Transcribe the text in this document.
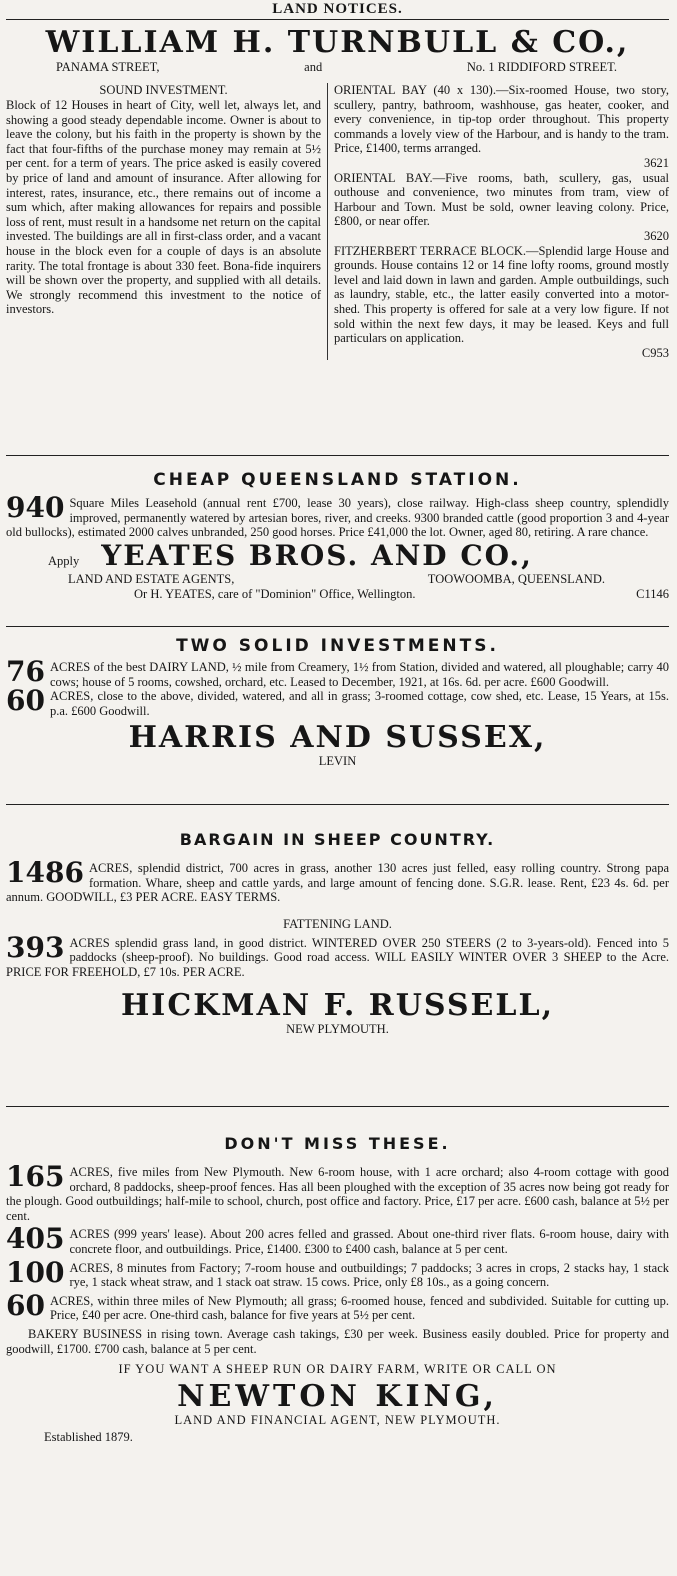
LAND NOTICES.
WILLIAM H. TURNBULL & CO.,
PANAMA STREET,	and	No. 1 RIDDIFORD STREET.
SOUND INVESTMENT.
Block of 12 Houses in heart of City, well let, always let, and showing a good steady dependable income. Owner is about to leave the colony, but his faith in the property is shown by the fact that four-fifths of the purchase money may remain at 5½ per cent. for a term of years. The price asked is easily covered by price of land and amount of insurance. After allowing for interest, rates, insurance, etc., there remains out of income a sum which, after making allowances for repairs and possible loss of rent, must result in a handsome net return on the capital invested. The buildings are all in first-class order, and a vacant house in the block even for a couple of days is an absolute rarity. The total frontage is about 330 feet. Bona-fide inquirers will be shown over the property, and supplied with all details. We strongly recommend this investment to the notice of investors.
ORIENTAL BAY (40 x 130).—Six-roomed House, two story, scullery, pantry, bathroom, washhouse, gas heater, cooker, and every convenience, in tip-top order throughout. This property commands a lovely view of the Harbour, and is handy to the tram. Price, £1400, terms arranged.
3621
ORIENTAL BAY.—Five rooms, bath, scullery, gas, usual outhouse and convenience, two minutes from tram, view of Harbour and Town. Must be sold, owner leaving colony. Price, £800, or near offer.
3620
FITZHERBERT TERRACE BLOCK.—Splendid large House and grounds. House contains 12 or 14 fine lofty rooms, ground mostly level and laid down in lawn and garden. Ample outbuildings, such as laundry, stable, etc., the latter easily converted into a motor-shed. This property is offered for sale at a very low figure. If not sold within the next few days, it may be leased. Keys and full particulars on application.
C953
CHEAP QUEENSLAND STATION.
940 Square Miles Leasehold (annual rent £700, lease 30 years), close railway. High-class sheep country, splendidly improved, permanently watered by artesian bores, river, and creeks. 9300 branded cattle (good proportion 3 and 4-year old bullocks), estimated 2000 calves unbranded, 250 good horses. Price £41,000 the lot. Owner, aged 80, retiring. A rare chance.
Apply YEATES BROS. AND CO.,
LAND AND ESTATE AGENTS,	TOOWOOMBA, QUEENSLAND.
Or H. YEATES, care of "Dominion" Office, Wellington.	C1146
TWO SOLID INVESTMENTS.
76 ACRES of the best DAIRY LAND, ½ mile from Creamery, 1½ from Station, divided and watered, all ploughable; carry 40 cows; house of 5 rooms, cowshed, orchard, etc. Leased to December, 1921, at 16s. 6d. per acre. £600 Goodwill.
60 ACRES, close to the above, divided, watered, and all in grass; 3-roomed cottage, cow shed, etc. Lease, 15 Years, at 15s. p.a. £600 Goodwill.
HARRIS AND SUSSEX,
LEVIN
BARGAIN IN SHEEP COUNTRY.
1486 ACRES, splendid district, 700 acres in grass, another 130 acres just felled, easy rolling country. Strong papa formation. Whare, sheep and cattle yards, and large amount of fencing done. S.G.R. lease. Rent, £23 4s. 6d. per annum. GOODWILL, £3 PER ACRE. EASY TERMS.
FATTENING LAND.
393 ACRES splendid grass land, in good district. WINTERED OVER 250 STEERS (2 to 3-years-old). Fenced into 5 paddocks (sheep-proof). No buildings. Good road access. WILL EASILY WINTER OVER 3 SHEEP to the Acre. PRICE FOR FREEHOLD, £7 10s. PER ACRE.
HICKMAN F. RUSSELL,
NEW PLYMOUTH.
DON'T MISS THESE.
165 ACRES, five miles from New Plymouth. New 6-room house, with 1 acre orchard; also 4-room cottage with good orchard, 8 paddocks, sheep-proof fences. Has all been ploughed with the exception of 35 acres now being got ready for the plough. Good outbuildings; half-mile to school, church, post office and factory. Price, £17 per acre. £600 cash, balance at 5½ per cent.
405 ACRES (999 years' lease). About 200 acres felled and grassed. About one-third river flats. 6-room house, dairy with concrete floor, and outbuildings. Price, £1400. £300 to £400 cash, balance at 5 per cent.
100 ACRES, 8 minutes from Factory; 7-room house and outbuildings; 7 paddocks; 3 acres in crops, 2 stacks hay, 1 stack rye, 1 stack wheat straw, and 1 stack oat straw. 15 cows. Price, only £8 10s., as a going concern.
60 ACRES, within three miles of New Plymouth; all grass; 6-roomed house, fenced and subdivided. Suitable for cutting up. Price, £40 per acre. One-third cash, balance for five years at 5½ per cent.
BAKERY BUSINESS in rising town. Average cash takings, £30 per week. Business easily doubled. Price for property and goodwill, £1700. £700 cash, balance at 5 per cent.
IF YOU WANT A SHEEP RUN OR DAIRY FARM, WRITE OR CALL ON
NEWTON KING,
LAND AND FINANCIAL AGENT, NEW PLYMOUTH.
Established 1879.
